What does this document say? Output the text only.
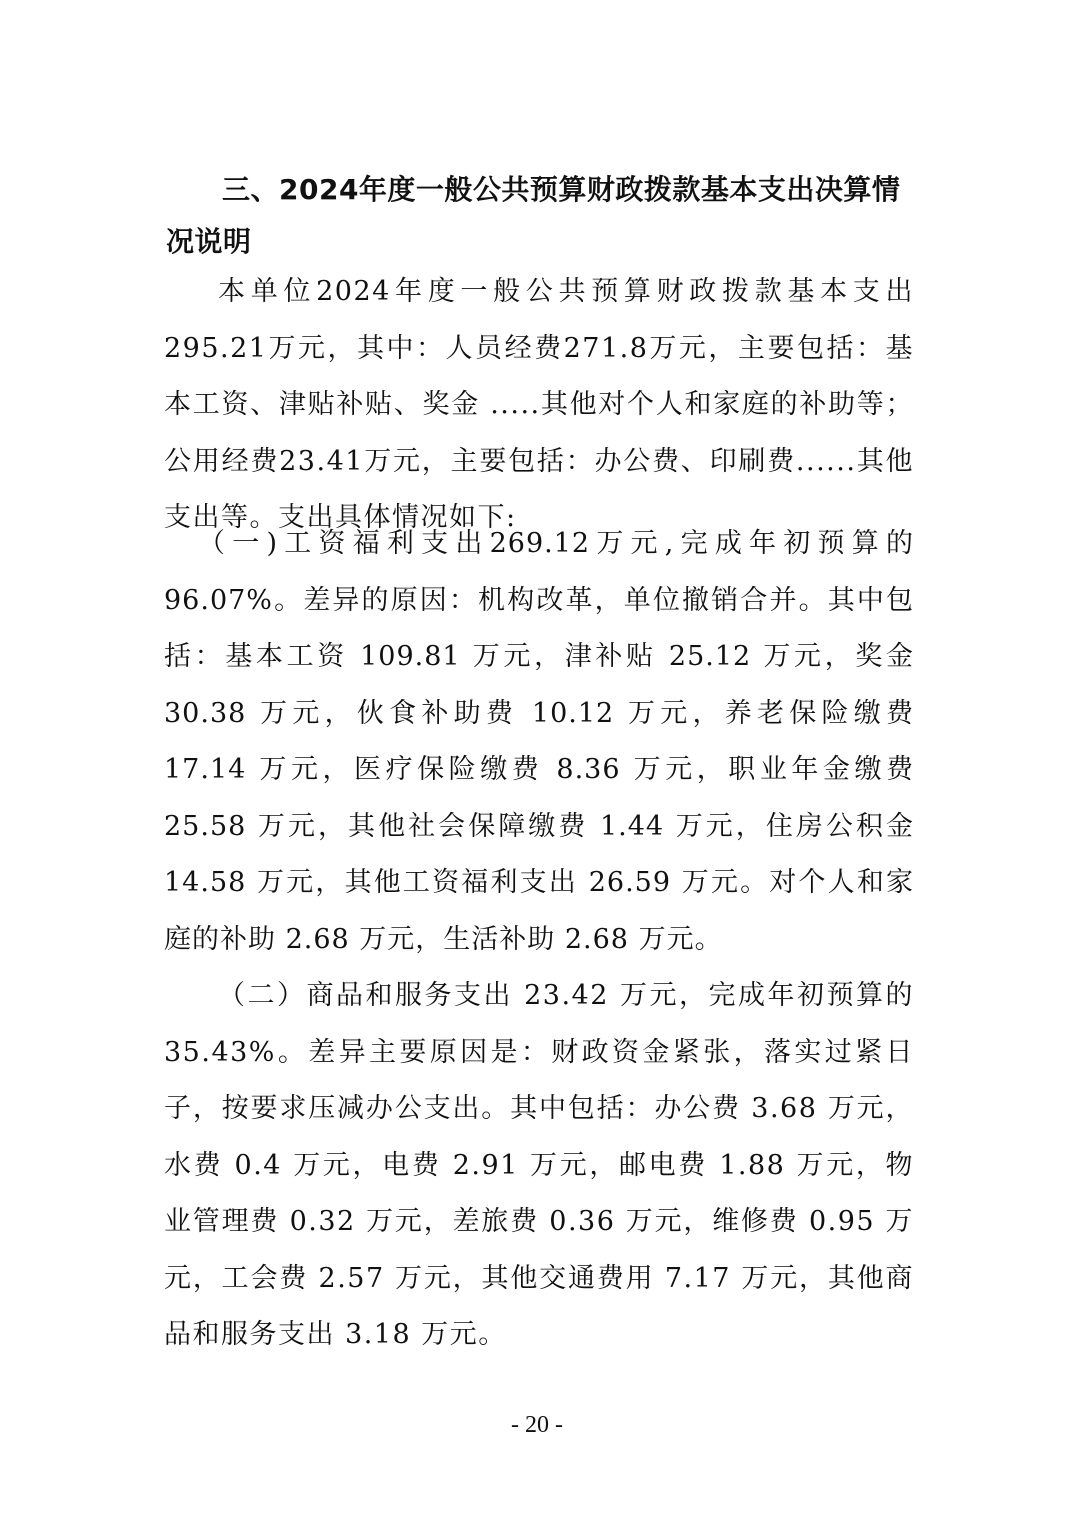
三、2024年度一般公共预算财政拨款基本支出决算情况说明

本单位2024年度一般公共预算财政拨款基本支出295.21万元，其中：人员经费271.8万元，主要包括：基本工资、津贴补贴、奖金 .....其他对个人和家庭的补助等；公用经费23.41万元，主要包括：办公费、印刷费......其他支出等。支出具体情况如下:

（一)工资福利支出269.12万元,完成年初预算的96.07%。差异的原因：机构改革，单位撤销合并。其中包括：基本工资 109.81 万元，津补贴 25.12 万元，奖金 30.38 万元，伙食补助费 10.12 万元，养老保险缴费 17.14 万元，医疗保险缴费 8.36 万元，职业年金缴费 25.58 万元，其他社会保障缴费 1.44 万元，住房公积金 14.58 万元，其他工资福利支出 26.59 万元。对个人和家庭的补助 2.68 万元，生活补助 2.68 万元。

（二）商品和服务支出 23.42 万元，完成年初预算的 35.43%。差异主要原因是：财政资金紧张，落实过紧日子，按要求压减办公支出。其中包括：办公费 3.68 万元，水费 0.4 万元，电费 2.91 万元，邮电费 1.88 万元，物业管理费 0.32 万元，差旅费 0.36 万元，维修费 0.95 万元，工会费 2.57 万元，其他交通费用 7.17 万元，其他商品和服务支出 3.18 万元。

- 20 -
